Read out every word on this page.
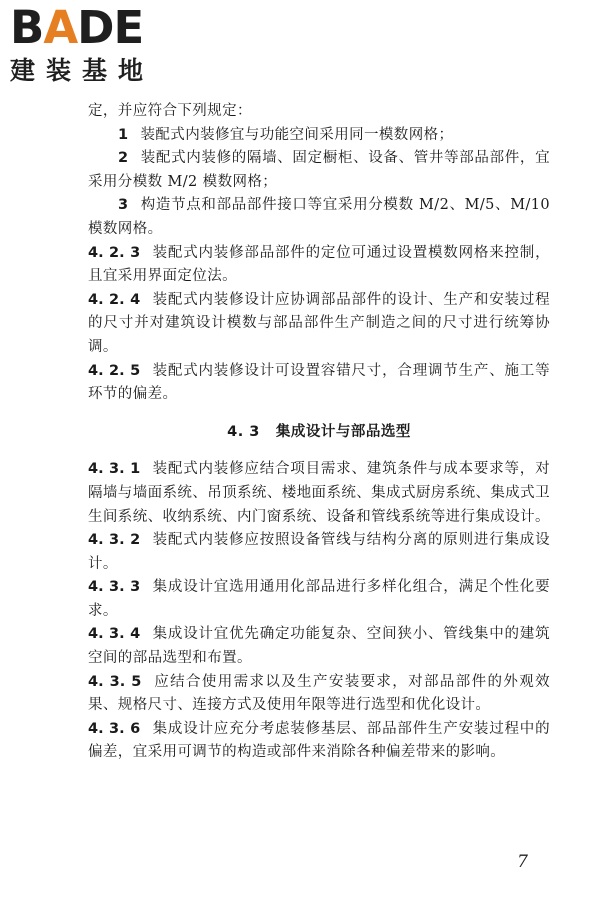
BADE
建装基地

定，并应符合下列规定：

1 装配式内装修宜与功能空间采用同一模数网格；

2 装配式内装修的隔墙、固定橱柜、设备、管井等部品部件，宜采用分模数 M/2 模数网格；

3 构造节点和部品部件接口等宜采用分模数 M/2、M/5、M/10 模数网格。

4. 2. 3 装配式内装修部品部件的定位可通过设置模数网格来控制，且宜采用界面定位法。

4. 2. 4 装配式内装修设计应协调部品部件的设计、生产和安装过程的尺寸并对建筑设计模数与部品部件生产制造之间的尺寸进行统筹协调。

4. 2. 5 装配式内装修设计可设置容错尺寸，合理调节生产、施工等环节的偏差。

4. 3 集成设计与部品选型

4. 3. 1 装配式内装修应结合项目需求、建筑条件与成本要求等，对隔墙与墙面系统、吊顶系统、楼地面系统、集成式厨房系统、集成式卫生间系统、收纳系统、内门窗系统、设备和管线系统等进行集成设计。

4. 3. 2 装配式内装修应按照设备管线与结构分离的原则进行集成设计。

4. 3. 3 集成设计宜选用通用化部品进行多样化组合，满足个性化要求。

4. 3. 4 集成设计宜优先确定功能复杂、空间狭小、管线集中的建筑空间的部品选型和布置。

4. 3. 5 应结合使用需求以及生产安装要求，对部品部件的外观效果、规格尺寸、连接方式及使用年限等进行选型和优化设计。

4. 3. 6 集成设计应充分考虑装修基层、部品部件生产安装过程中的偏差，宜采用可调节的构造或部件来消除各种偏差带来的影响。

7
